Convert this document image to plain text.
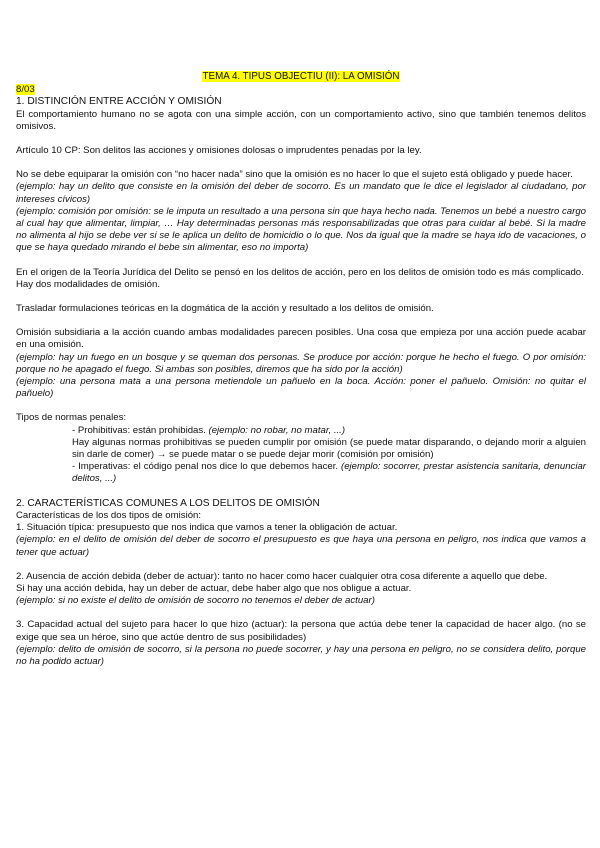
TEMA 4. TIPUS OBJECTIU (II): LA OMISIÓN
8/03
1. DISTINCIÓN ENTRE ACCIÓN Y OMISIÓN

El comportamiento humano no se agota con una simple acción, con un comportamiento activo, sino que también tenemos delitos omisivos.

Artículo 10 CP: Son delitos las acciones y omisiones dolosas o imprudentes penadas por la ley.

No se debe equiparar la omisión con “no hacer nada” sino que la omisión es no hacer lo que el sujeto está obligado y puede hacer.

(ejemplo: hay un delito que consiste en la omisión del deber de socorro. Es un mandato que le dice el legislador al ciudadano, por intereses cívicos)

(ejemplo: comisión por omisión: se le imputa un resultado a una persona sin que haya hecho nada. Tenemos un bebé a nuestro cargo al cual hay que alimentar, limpiar, … Hay determinadas personas más responsabilizadas que otras para cuidar al bebé. Si la madre no alimenta al hijo se debe ver si se le aplica un delito de homicidio o lo que. Nos da igual que la madre se haya ido de vacaciones, o que se haya quedado mirando el bebe sin alimentar, eso no importa)

En el origen de la Teoría Jurídica del Delito se pensó en los delitos de acción, pero en los delitos de omisión todo es más complicado.

Hay dos modalidades de omisión.

Trasladar formulaciones teóricas en la dogmática de la acción y resultado a los delitos de omisión.

Omisión subsidiaria a la acción cuando ambas modalidades parecen posibles. Una cosa que empieza por una acción puede acabar en una omisión.

(ejemplo: hay un fuego en un bosque y se queman dos personas. Se produce por acción: porque he hecho el fuego. O por omisión: porque no he apagado el fuego. Si ambas son posibles, diremos que ha sido por la acción)

(ejemplo: una persona mata a una persona metiendole un pañuelo en la boca. Acción: poner el pañuelo. Omisión: no quitar el pañuelo)

Tipos de normas penales:

- Prohibitivas: están prohibidas. (ejemplo: no robar, no matar, ...)

Hay algunas normas prohibitivas se pueden cumplir por omisión (se puede matar disparando, o dejando morir a alguien sin darle de comer) → se puede matar o se puede dejar morir (comisión por omisión)

- Imperativas: el código penal nos dice lo que debemos hacer. (ejemplo: socorrer, prestar asistencia sanitaria, denunciar delitos, ...)

2. CARACTERÍSTICAS COMUNES A LOS DELITOS DE OMISIÓN

Características de los dos tipos de omisión:

1. Situación típica: presupuesto que nos indica que vamos a tener la obligación de actuar.

(ejemplo: en el delito de omisión del deber de socorro el presupuesto es que haya una persona en peligro, nos indica que vamos a tener que actuar)

2. Ausencia de acción debida (deber de actuar): tanto no hacer como hacer cualquier otra cosa diferente a aquello que debe.

Si hay una acción debida, hay un deber de actuar, debe haber algo que nos obligue a actuar.

(ejemplo: si no existe el delito de omisión de socorro no tenemos el deber de actuar)

3. Capacidad actual del sujeto para hacer lo que hizo (actuar): la persona que actúa debe tener la capacidad de hacer algo. (no se exige que sea un héroe, sino que actúe dentro de sus posibilidades)

(ejemplo: delito de omisión de socorro, si la persona no puede socorrer, y hay una persona en peligro, no se considera delito, porque no ha podido actuar)
